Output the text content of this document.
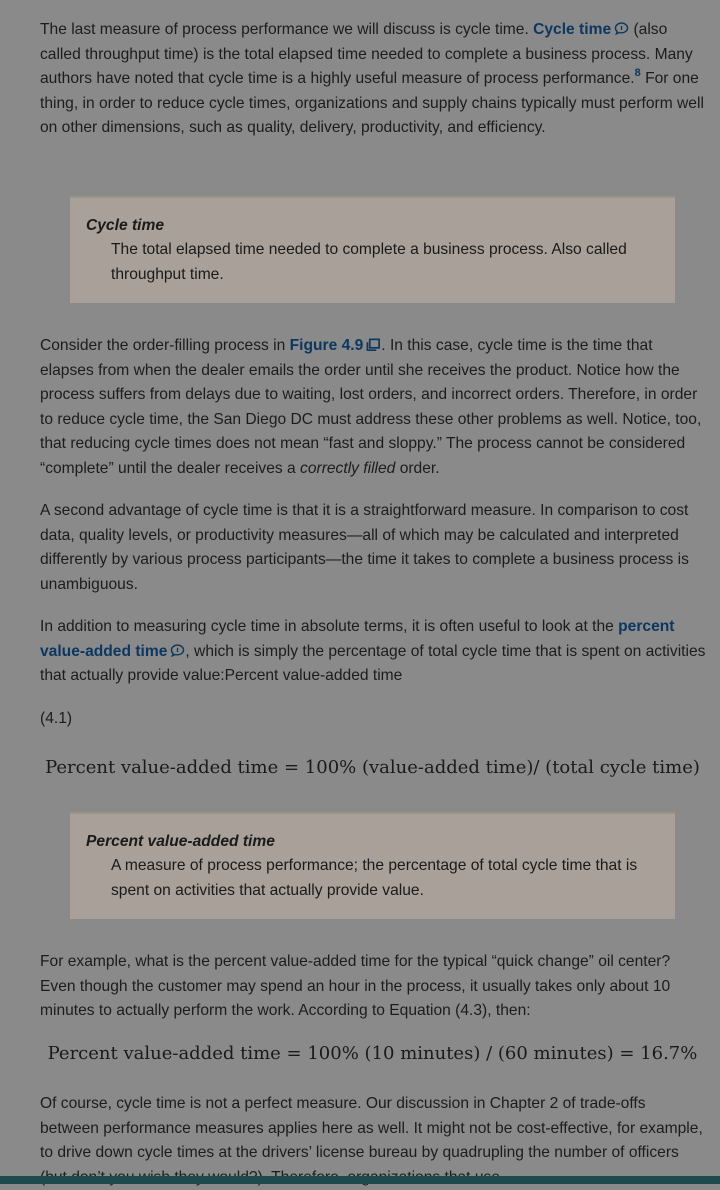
The last measure of process performance we will discuss is cycle time. Cycle time (also called throughput time) is the total elapsed time needed to complete a business process. Many authors have noted that cycle time is a highly useful measure of process performance.$^8$ For one thing, in order to reduce cycle times, organizations and supply chains typically must perform well on other dimensions, such as quality, delivery, productivity, and efficiency.

Cycle time
The total elapsed time needed to complete a business process. Also called throughput time.

Consider the order-filling process in Figure 4.9 . In this case, cycle time is the time that elapses from when the dealer emails the order until she receives the product. Notice how the process suffers from delays due to waiting, lost orders, and incorrect orders. Therefore, in order to reduce cycle time, the San Diego DC must address these other problems as well. Notice, too, that reducing cycle times does not mean “fast and sloppy.” The process cannot be considered “complete” until the dealer receives a correctly filled order.

A second advantage of cycle time is that it is a straightforward measure. In comparison to cost data, quality levels, or productivity measures—all of which may be calculated and interpreted differently by various process participants—the time it takes to complete a business process is unambiguous.

In addition to measuring cycle time in absolute terms, it is often useful to look at the percent value-added time , which is simply the percentage of total cycle time that is spent on activities that actually provide value:Percent value-added time

(4.1)
Percent value-added time = 100% (value-added time)/ (total cycle time)
Percent value-added time
A measure of process performance; the percentage of total cycle time that is spent on activities that actually provide value.

For example, what is the percent value-added time for the typical “quick change” oil center? Even though the customer may spend an hour in the process, it usually takes only about 10 minutes to actually perform the work. According to Equation (4.3), then:

Percent value-added time = 100% (10 minutes) / (60 minutes) = 16.7%

Of course, cycle time is not a perfect measure. Our discussion in Chapter 2 of trade-offs between performance measures applies here as well. It might not be cost-effective, for example, to drive down cycle times at the drivers’ license bureau by quadrupling the number of officers
